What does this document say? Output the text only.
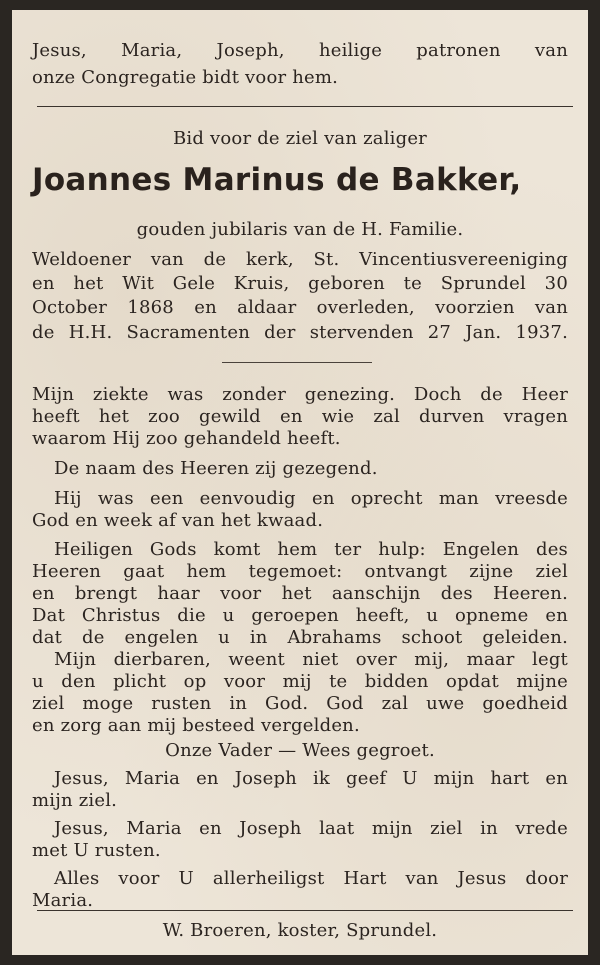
Jesus, Maria, Joseph, heilige patronen van
onze Congregatie bidt voor hem.
Bid voor de ziel van zaliger
Joannes Marinus de Bakker,
gouden jubilaris van de H. Familie.
Weldoener van de kerk, St. Vincentiusvereeniging
en het Wit Gele Kruis, geboren te Sprundel 30
October 1868 en aldaar overleden, voorzien van
de H.H. Sacramenten der stervenden 27 Jan. 1937.
Mijn ziekte was zonder genezing. Doch de Heer
heeft het zoo gewild en wie zal durven vragen
waarom Hij zoo gehandeld heeft.
De naam des Heeren zij gezegend.
Hij was een eenvoudig en oprecht man vreesde
God en week af van het kwaad.
Heiligen Gods komt hem ter hulp: Engelen des
Heeren gaat hem tegemoet: ontvangt zijne ziel
en brengt haar voor het aanschijn des Heeren.
Dat Christus die u geroepen heeft, u opneme en
dat de engelen u in Abrahams schoot geleiden.
Mijn dierbaren, weent niet over mij, maar legt
u den plicht op voor mij te bidden opdat mijne
ziel moge rusten in God. God zal uwe goedheid
en zorg aan mij besteed vergelden.
Onze Vader — Wees gegroet.
Jesus, Maria en Joseph ik geef U mijn hart en
mijn ziel.
Jesus, Maria en Joseph laat mijn ziel in vrede
met U rusten.
Alles voor U allerheiligst Hart van Jesus door
Maria.
W. Broeren, koster, Sprundel.
